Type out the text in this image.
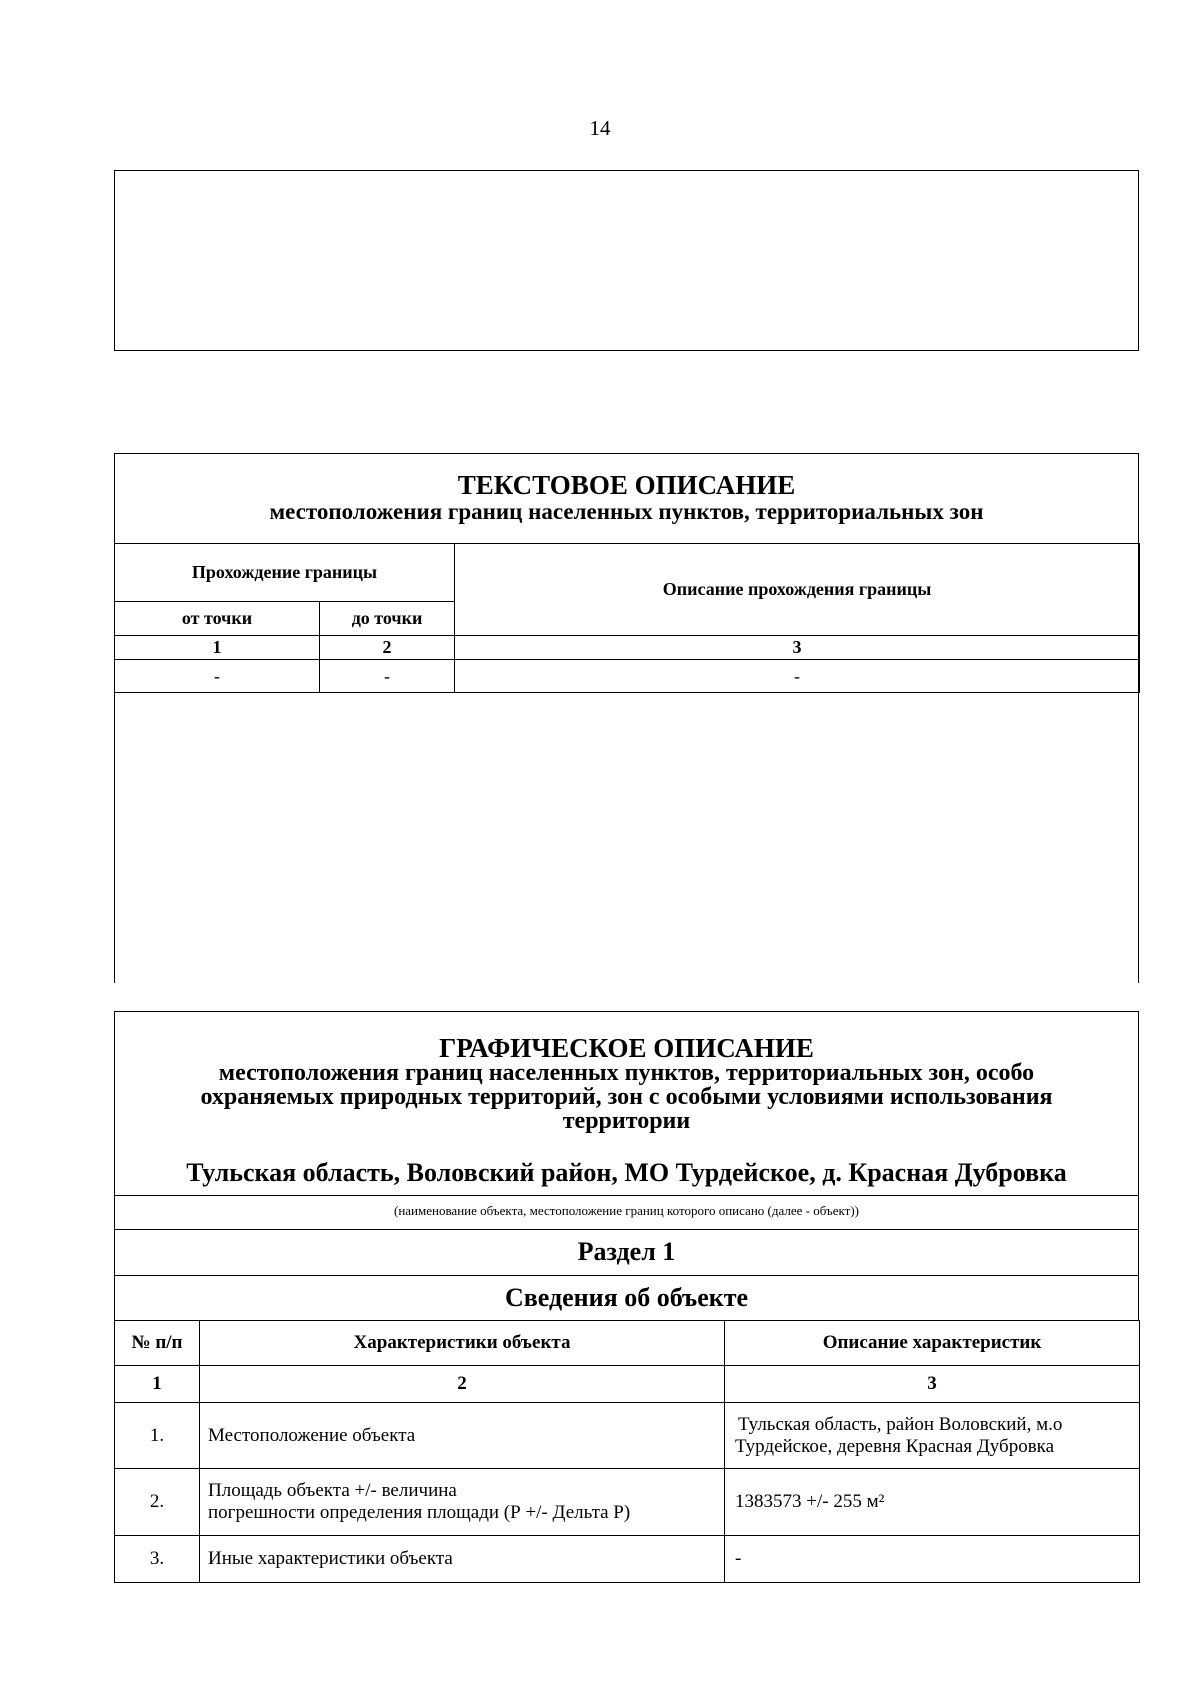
14
ТЕКСТОВОЕ ОПИСАНИЕ
местоположения границ населенных пунктов, территориальных зон
Прохождение границы		Описание прохождения границы
от точки	до точки	
1	2	3
-	-	-
ГРАФИЧЕСКОЕ ОПИСАНИЕ
местоположения границ населенных пунктов, территориальных зон, особо
охраняемых природных территорий, зон с особыми условиями использования
территории
Тульская область, Воловский район, МО Турдейское, д. Красная Дубровка
(наименование объекта, местоположение границ которого описано (далее - объект))
Раздел 1
Сведения об объекте
№ п/п	Характеристики объекта	Описание характеристик
1	2	3
1.	Местоположение объекта	Тульская область, район Воловский, м.о
Турдейское, деревня Красная Дубровка

2.	Площадь объекта +/- величина
погрешности определения площади (Р +/- Дельта Р)	1383573 +/- 255 м²
3.	Иные характеристики объекта	-
